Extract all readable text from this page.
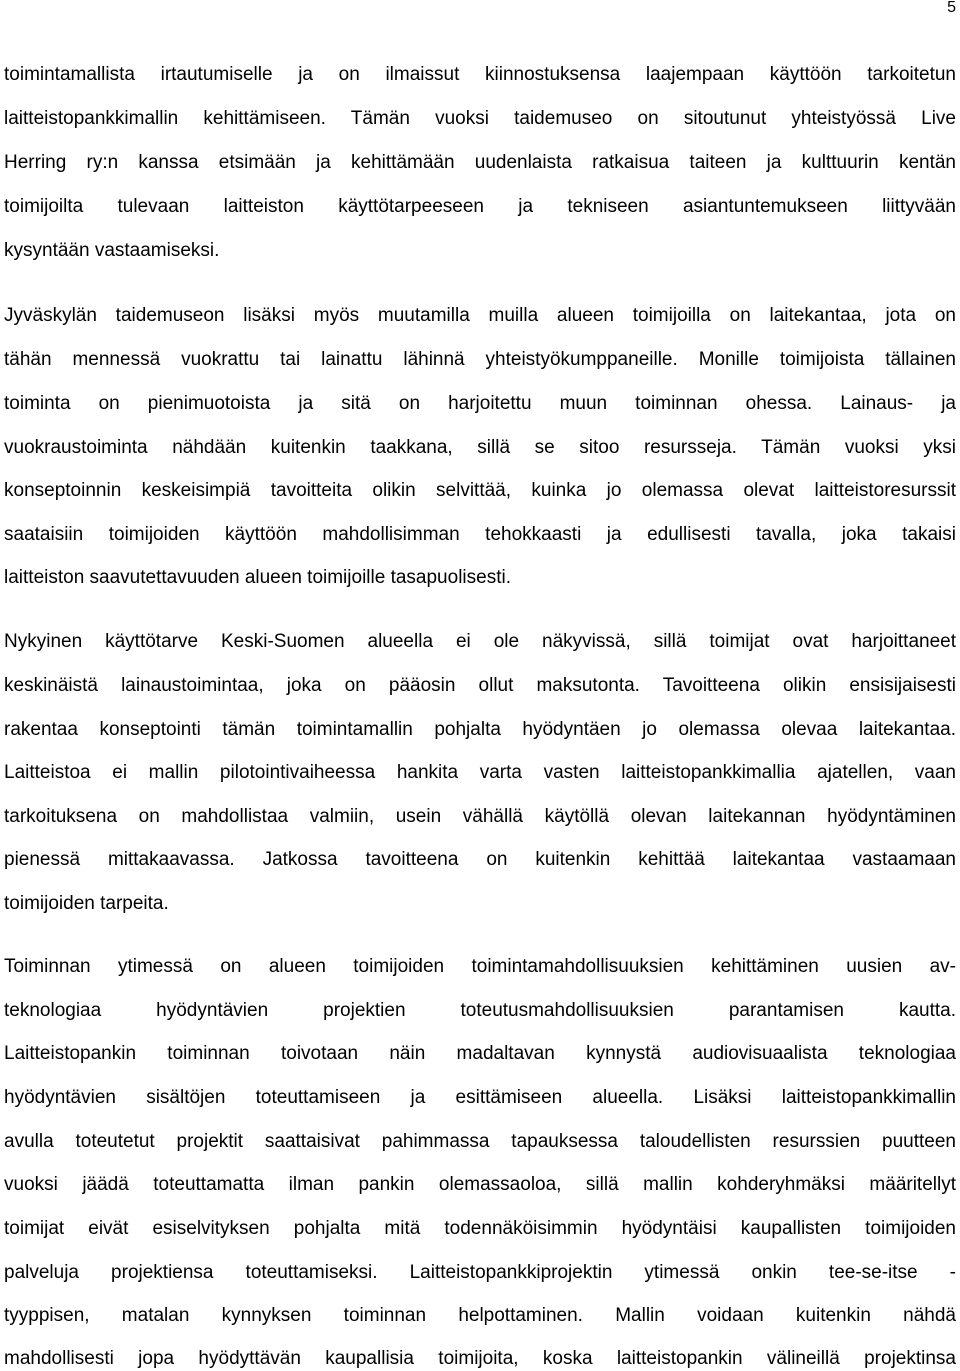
5
toimintamallista irtautumiselle ja on ilmaissut kiinnostuksensa laajempaan käyttöön tarkoitetun
laitteistopankkimallin kehittämiseen. Tämän vuoksi taidemuseo on sitoutunut yhteistyössä Live
Herring ry:n kanssa etsimään ja kehittämään uudenlaista ratkaisua taiteen ja kulttuurin kentän
toimijoilta tulevaan laitteiston käyttötarpeeseen ja tekniseen asiantuntemukseen liittyvään
kysyntään vastaamiseksi.
Jyväskylän taidemuseon lisäksi myös muutamilla muilla alueen toimijoilla on laitekantaa, jota on
tähän mennessä vuokrattu tai lainattu lähinnä yhteistyökumppaneille. Monille toimijoista tällainen
toiminta on pienimuotoista ja sitä on harjoitettu muun toiminnan ohessa. Lainaus- ja
vuokraustoiminta nähdään kuitenkin taakkana, sillä se sitoo resursseja. Tämän vuoksi yksi
konseptoinnin keskeisimpiä tavoitteita olikin selvittää, kuinka jo olemassa olevat laitteistoresurssit
saataisiin toimijoiden käyttöön mahdollisimman tehokkaasti ja edullisesti tavalla, joka takaisi
laitteiston saavutettavuuden alueen toimijoille tasapuolisesti.
Nykyinen käyttötarve Keski-Suomen alueella ei ole näkyvissä, sillä toimijat ovat harjoittaneet
keskinäistä lainaustoimintaa, joka on pääosin ollut maksutonta. Tavoitteena olikin ensisijaisesti
rakentaa konseptointi tämän toimintamallin pohjalta hyödyntäen jo olemassa olevaa laitekantaa.
Laitteistoa ei mallin pilotointivaiheessa hankita varta vasten laitteistopankkimallia ajatellen, vaan
tarkoituksena on mahdollistaa valmiin, usein vähällä käytöllä olevan laitekannan hyödyntäminen
pienessä mittakaavassa. Jatkossa tavoitteena on kuitenkin kehittää laitekantaa vastaamaan
toimijoiden tarpeita.
Toiminnan ytimessä on alueen toimijoiden toimintamahdollisuuksien kehittäminen uusien av-
teknologiaa hyödyntävien projektien toteutusmahdollisuuksien parantamisen kautta.
Laitteistopankin toiminnan toivotaan näin madaltavan kynnystä audiovisuaalista teknologiaa
hyödyntävien sisältöjen toteuttamiseen ja esittämiseen alueella. Lisäksi laitteistopankkimallin
avulla toteutetut projektit saattaisivat pahimmassa tapauksessa taloudellisten resurssien puutteen
vuoksi jäädä toteuttamatta ilman pankin olemassaoloa, sillä mallin kohderyhmäksi määritellyt
toimijat eivät esiselvityksen pohjalta mitä todennäköisimmin hyödyntäisi kaupallisten toimijoiden
palveluja projektiensa toteuttamiseksi. Laitteistopankkiprojektin ytimessä onkin tee-se-itse -
tyyppisen, matalan kynnyksen toiminnan helpottaminen. Mallin voidaan kuitenkin nähdä
mahdollisesti jopa hyödyttävän kaupallisia toimijoita, koska laitteistopankin välineillä projektinsa
